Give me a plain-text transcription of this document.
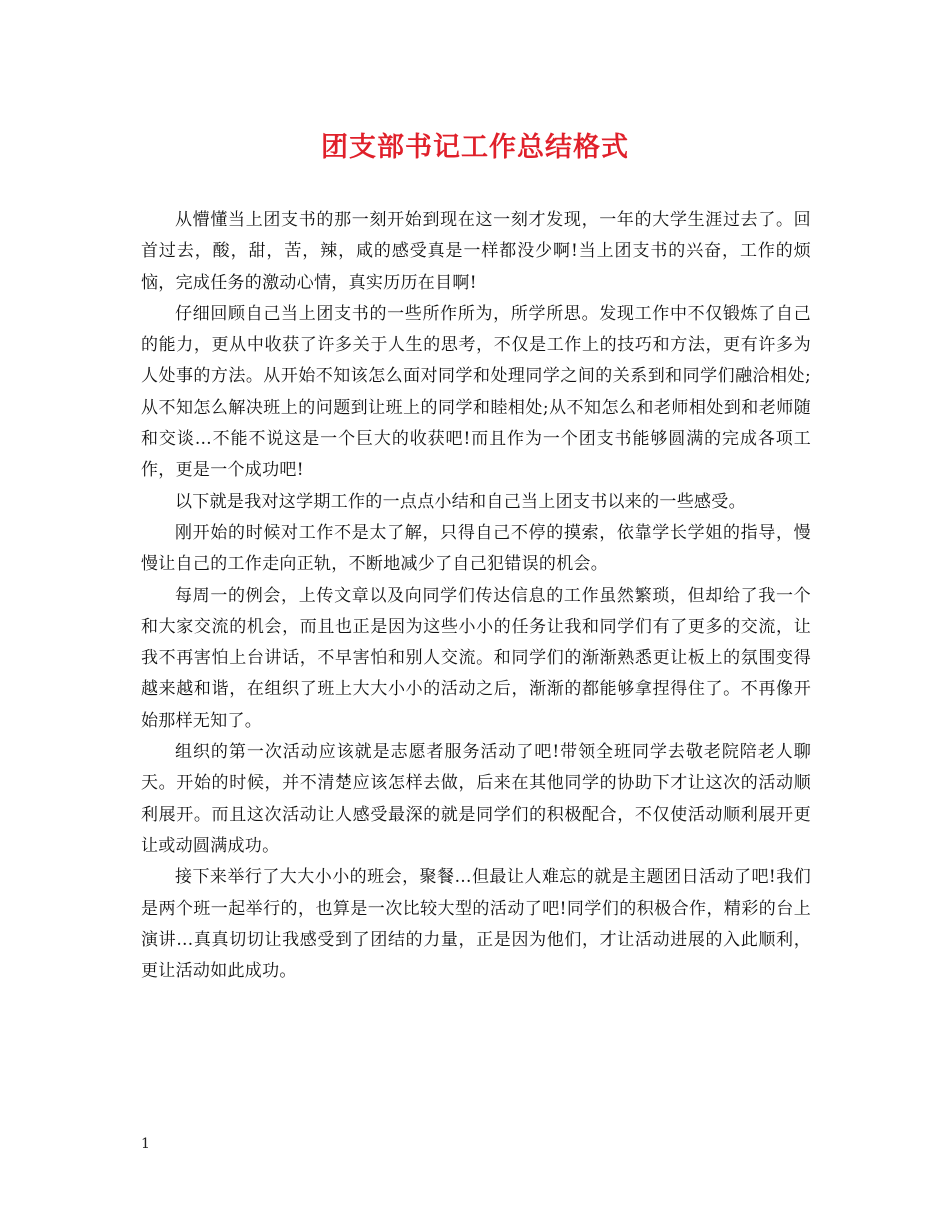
团支部书记工作总结格式

从懵懂当上团支书的那一刻开始到现在这一刻才发现，一年的大学生涯过去了。回首过去，酸，甜，苦，辣，咸的感受真是一样都没少啊!当上团支书的兴奋，工作的烦恼，完成任务的激动心情，真实历历在目啊!

仔细回顾自己当上团支书的一些所作所为，所学所思。发现工作中不仅锻炼了自己的能力，更从中收获了许多关于人生的思考，不仅是工作上的技巧和方法，更有许多为人处事的方法。从开始不知该怎么面对同学和处理同学之间的关系到和同学们融洽相处;从不知怎么解决班上的问题到让班上的同学和睦相处;从不知怎么和老师相处到和老师随和交谈…不能不说这是一个巨大的收获吧!而且作为一个团支书能够圆满的完成各项工作，更是一个成功吧!

以下就是我对这学期工作的一点点小结和自己当上团支书以来的一些感受。

刚开始的时候对工作不是太了解，只得自己不停的摸索，依靠学长学姐的指导，慢慢让自己的工作走向正轨，不断地减少了自己犯错误的机会。

每周一的例会，上传文章以及向同学们传达信息的工作虽然繁琐，但却给了我一个和大家交流的机会，而且也正是因为这些小小的任务让我和同学们有了更多的交流，让我不再害怕上台讲话，不早害怕和别人交流。和同学们的渐渐熟悉更让板上的氛围变得越来越和谐，在组织了班上大大小小的活动之后，渐渐的都能够拿捏得住了。不再像开始那样无知了。

组织的第一次活动应该就是志愿者服务活动了吧!带领全班同学去敬老院陪老人聊天。开始的时候，并不清楚应该怎样去做，后来在其他同学的协助下才让这次的活动顺利展开。而且这次活动让人感受最深的就是同学们的积极配合，不仅使活动顺利展开更让或动圆满成功。

接下来举行了大大小小的班会，聚餐…但最让人难忘的就是主题团日活动了吧!我们是两个班一起举行的，也算是一次比较大型的活动了吧!同学们的积极合作，精彩的台上演讲…真真切切让我感受到了团结的力量，正是因为他们，才让活动进展的入此顺利，更让活动如此成功。

1
